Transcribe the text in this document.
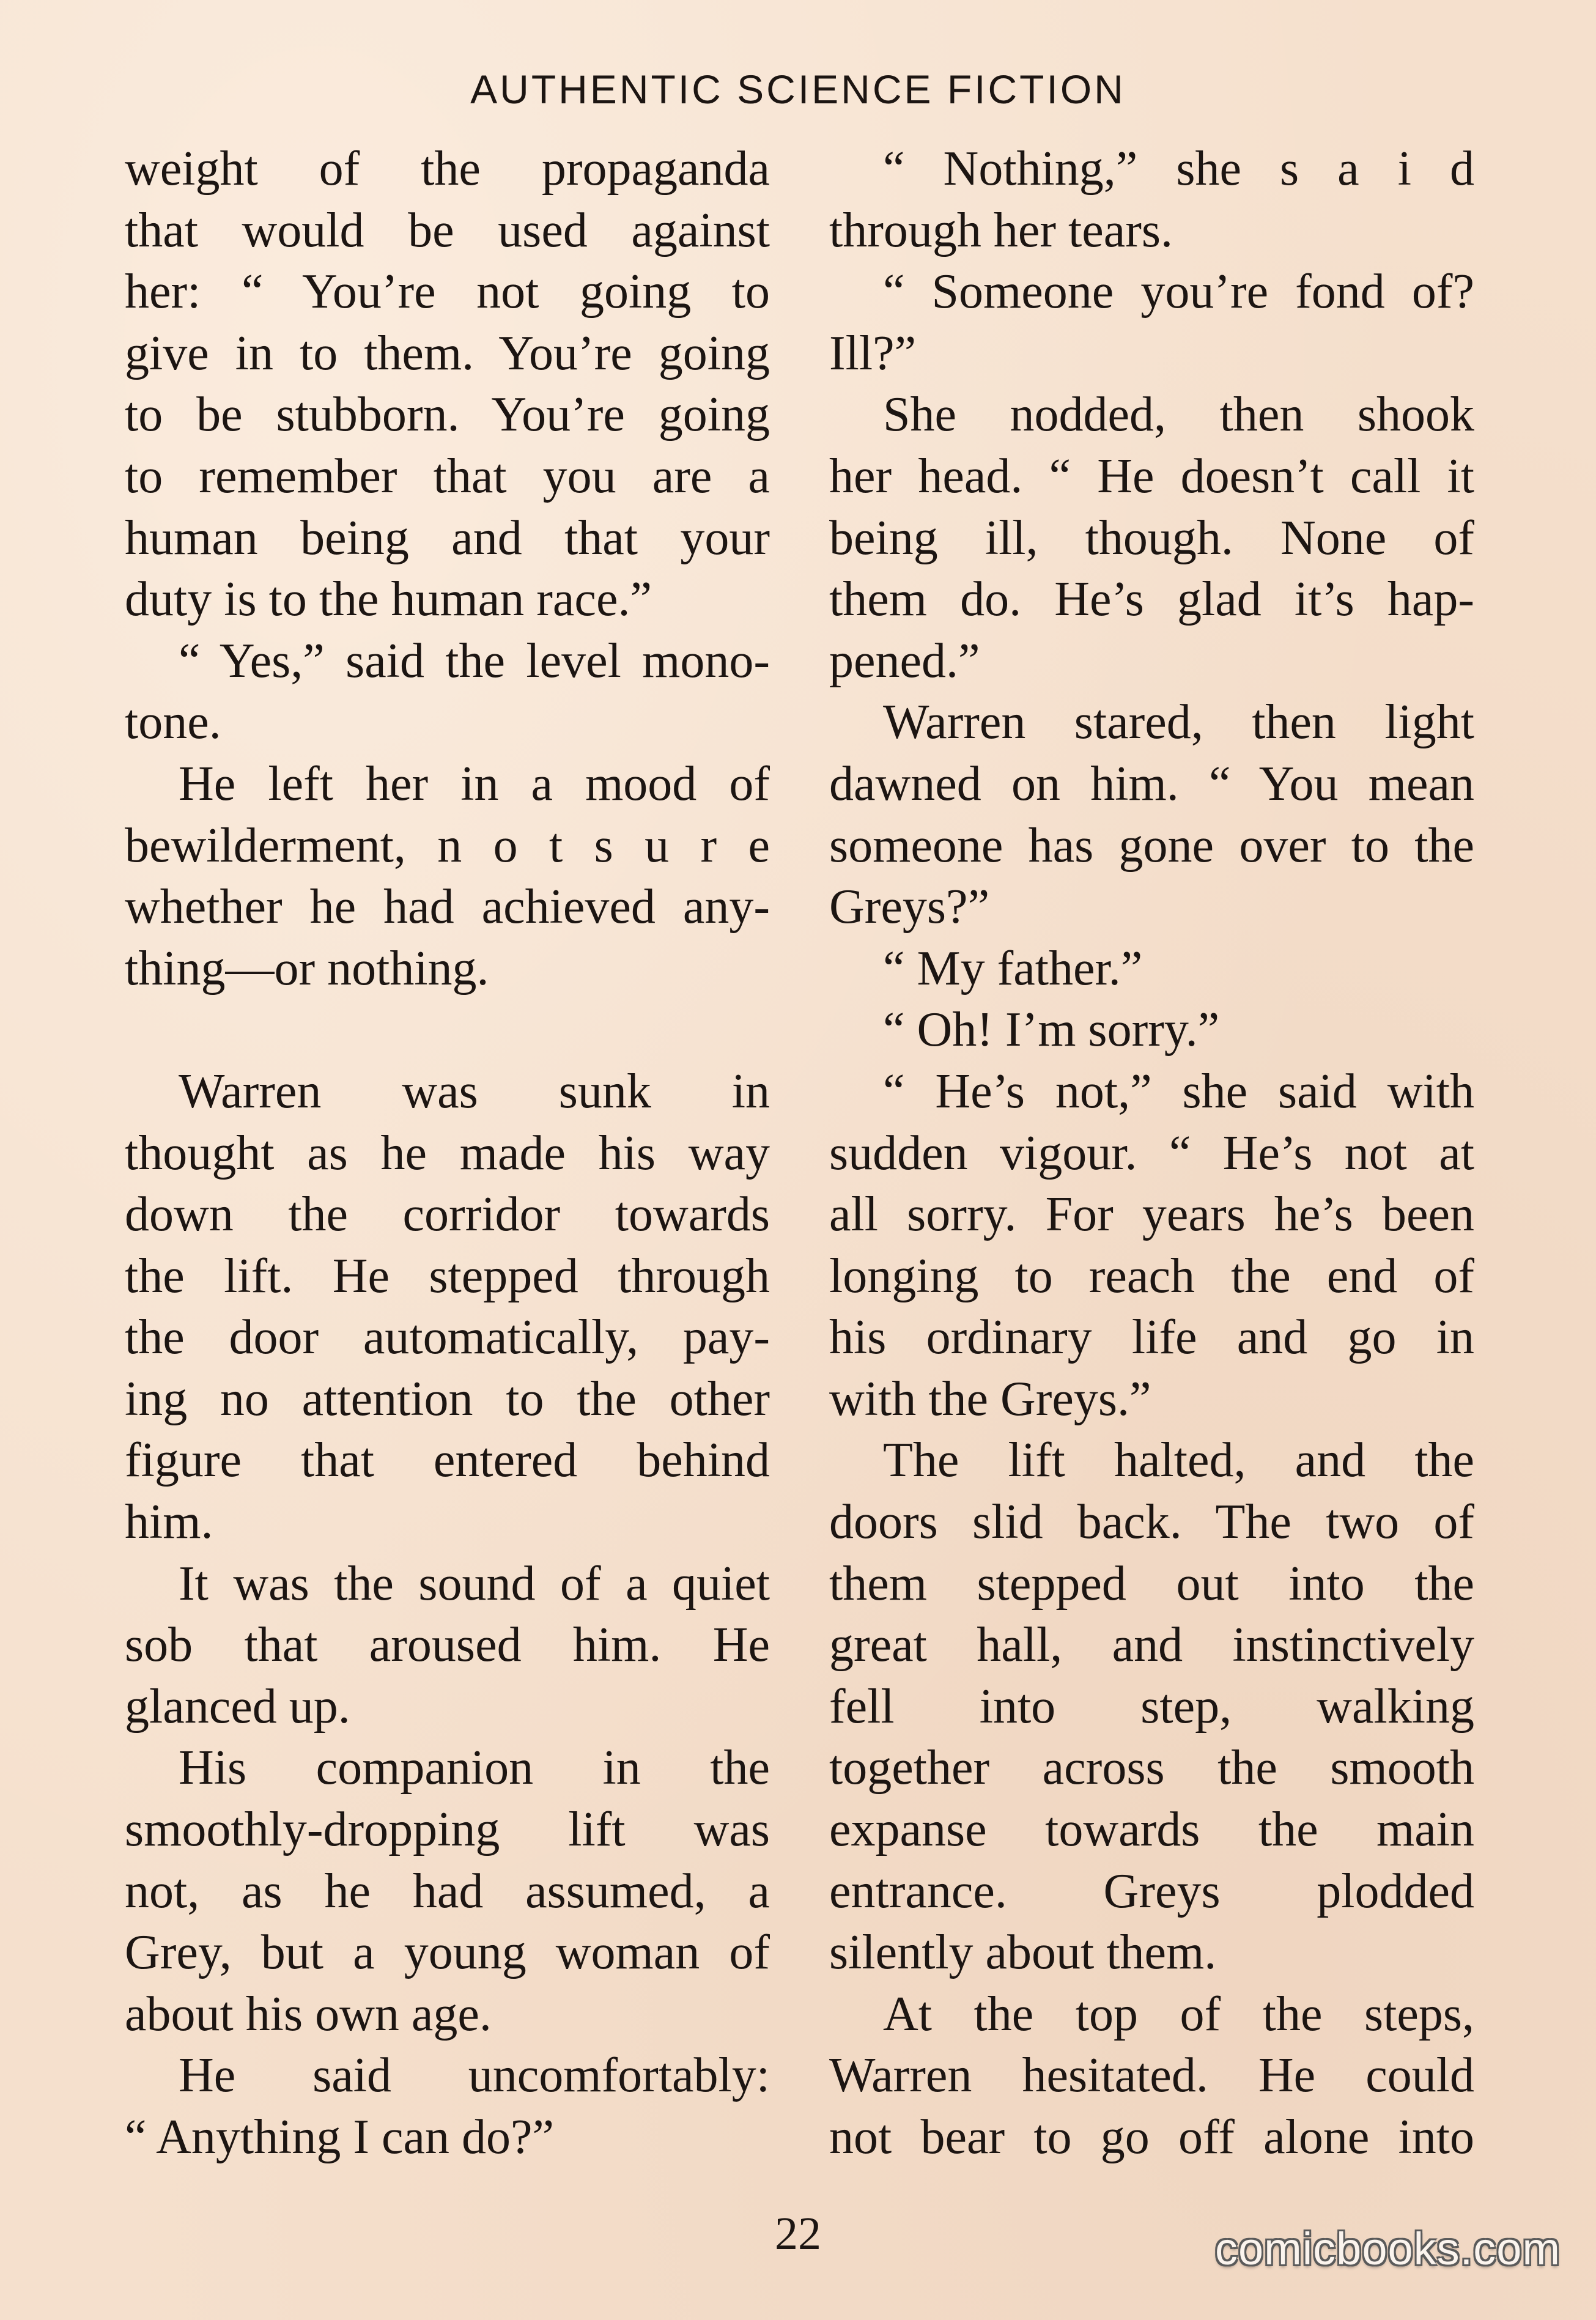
AUTHENTIC SCIENCE FICTION
weight of the propaganda
that would be used against
her: “ You’re not going to
give in to them. You’re going
to be stubborn. You’re going
to remember that you are a
human being and that your
duty is to the human race.”
“ Yes,” said the level mono-
tone.
He left her in a mood of
bewilderment, n o t s u r e
whether he had achieved any-
thing—or nothing.
Warren was sunk in
thought as he made his way
down the corridor towards
the lift. He stepped through
the door automatically, pay-
ing no attention to the other
figure that entered behind
him.
It was the sound of a quiet
sob that aroused him. He
glanced up.
His companion in the
smoothly-dropping lift was
not, as he had assumed, a
Grey, but a young woman of
about his own age.
He said uncomfortably:
“ Anything I can do?”
“ Nothing,” she s a i d
through her tears.
“ Someone you’re fond of?
Ill?”
She nodded, then shook
her head. “ He doesn’t call it
being ill, though. None of
them do. He’s glad it’s hap-
pened.”
Warren stared, then light
dawned on him. “ You mean
someone has gone over to the
Greys?”
“ My father.”
“ Oh! I’m sorry.”
“ He’s not,” she said with
sudden vigour. “ He’s not at
all sorry. For years he’s been
longing to reach the end of
his ordinary life and go in
with the Greys.”
The lift halted, and the
doors slid back. The two of
them stepped out into the
great hall, and instinctively
fell into step, walking
together across the smooth
expanse towards the main
entrance. Greys plodded
silently about them.
At the top of the steps,
Warren hesitated. He could
not bear to go off alone into
22	comicbooks.com
